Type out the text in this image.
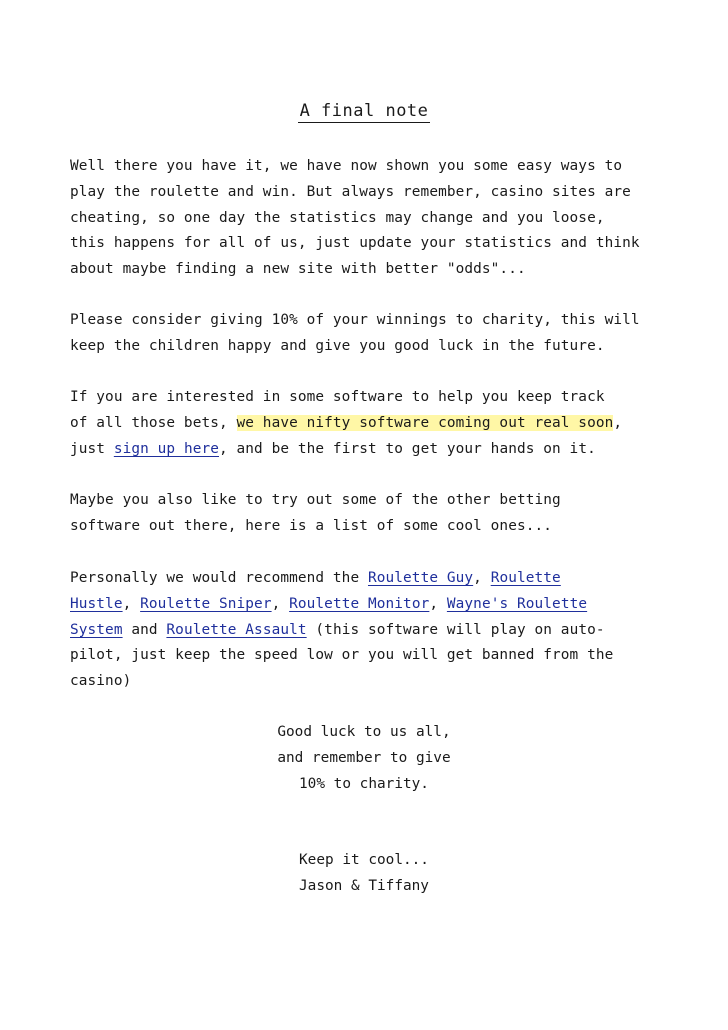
A final note
Well there you have it, we have now shown you some easy ways to
play the roulette and win. But always remember, casino sites are
cheating, so one day the statistics may change and you loose,
this happens for all of us, just update your statistics and think
about maybe finding a new site with better "odds"...
Please consider giving 10% of your winnings to charity, this will
keep the children happy and give you good luck in the future.
If you are interested in some software to help you keep track
of all those bets, we have nifty software coming out real soon,
just sign up here, and be the first to get your hands on it.
Maybe you also like to try out some of the other betting
software out there, here is a list of some cool ones...
Personally we would recommend the Roulette Guy, Roulette
Hustle, Roulette Sniper, Roulette Monitor, Wayne's Roulette
System and Roulette Assault (this software will play on auto-
pilot, just keep the speed low or you will get banned from the
casino)
Good luck to us all,
and remember to give
10% to charity.
Keep it cool...
Jason & Tiffany
